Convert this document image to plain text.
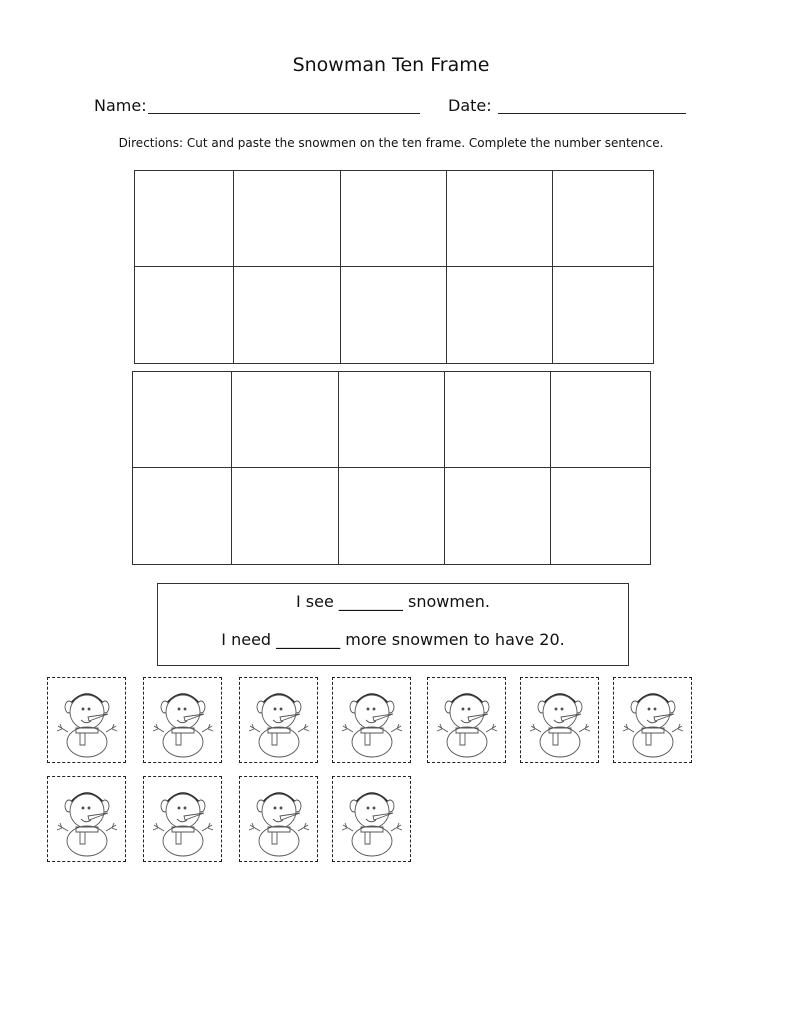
Snowman Ten Frame
Name:	Date:
Directions: Cut and paste the snowmen on the ten frame. Complete the number sentence.
I see ________ snowmen.
I need ________ more snowmen to have 20.
